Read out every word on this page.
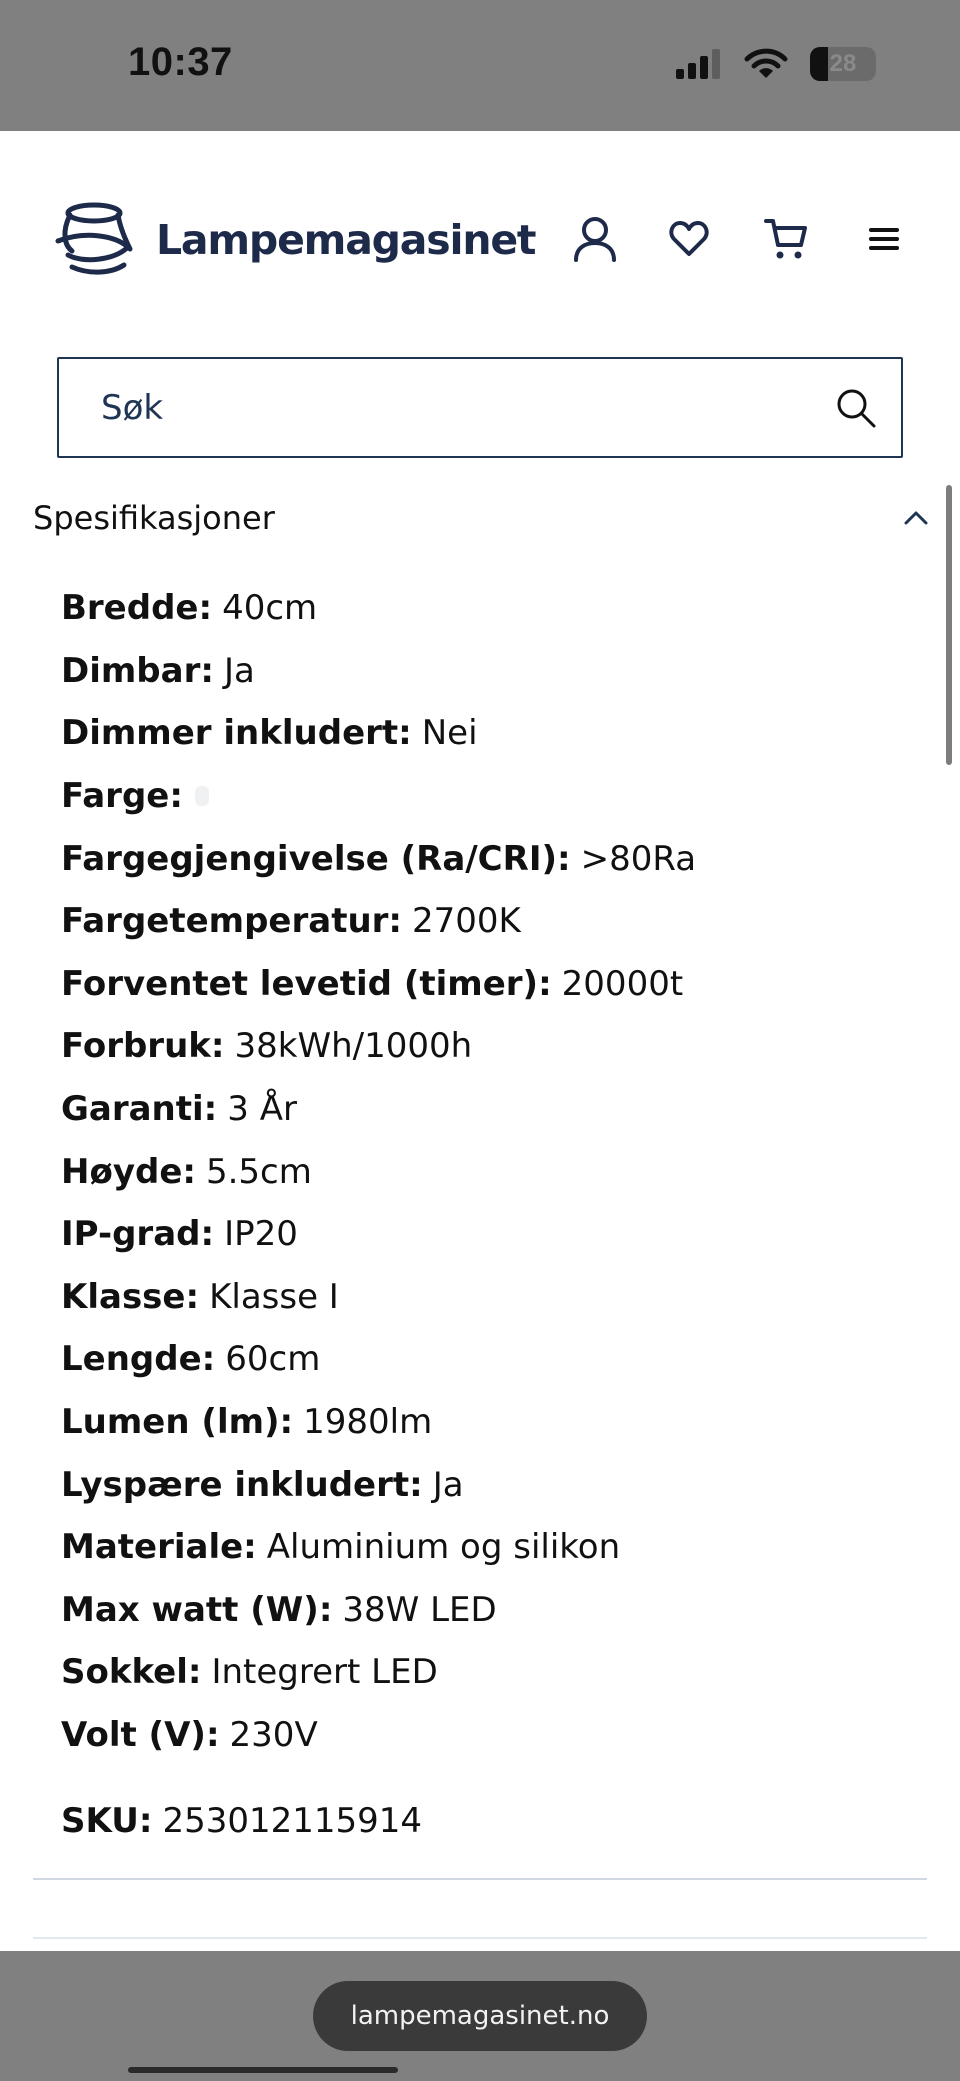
10:37	28
Lampemagasinet
Søk
Spesifikasjoner
Bredde: 40cm
Dimbar: Ja
Dimmer inkludert: Nei
Farge:
Fargegjengivelse (Ra/CRI): >80Ra
Fargetemperatur: 2700K
Forventet levetid (timer): 20000t
Forbruk: 38kWh/1000h
Garanti: 3 År
Høyde: 5.5cm
IP-grad: IP20
Klasse: Klasse I
Lengde: 60cm
Lumen (lm): 1980lm
Lyspære inkludert: Ja
Materiale: Aluminium og silikon
Max watt (W): 38W LED
Sokkel: Integrert LED
Volt (V): 230V
SKU: 253012115914
lampemagasinet.no
